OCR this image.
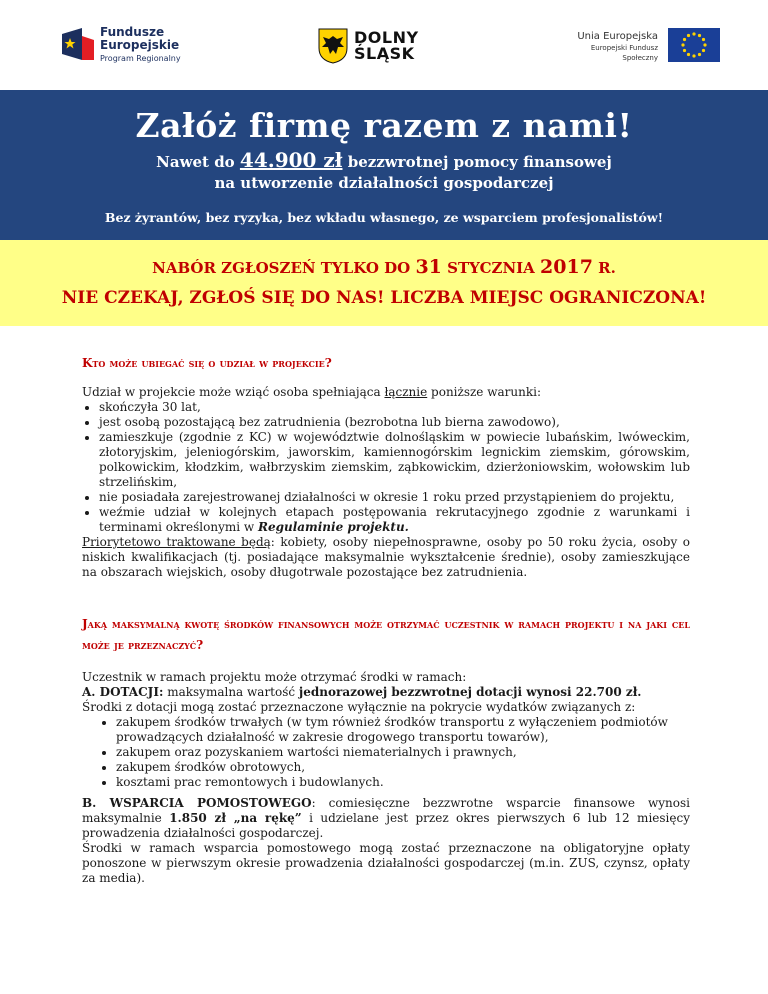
Fundusze
Europejskie
Program Regionalny
DOLNY
ŚLĄSK
Unia Europejska
Europejski Fundusz Społeczny
Załóż firmę razem z nami!
Nawet do 44.900 zł bezzwrotnej pomocy finansowej
na utworzenie działalności gospodarczej
Bez żyrantów, bez ryzyka, bez wkładu własnego, ze wsparciem profesjonalistów!
NABÓR ZGŁOSZEŃ TYLKO DO 31 STYCZNIA 2017 R.
NIE CZEKAJ, ZGŁOŚ SIĘ DO NAS! LICZBA MIEJSC OGRANICZONA!
Kto może ubiegać się o udział w projekcie?

Udział w projekcie może wziąć osoba spełniająca łącznie poniższe warunki:

• skończyła 30 lat,
• jest osobą pozostającą bez zatrudnienia (bezrobotna lub bierna zawodowo),
• zamieszkuje (zgodnie z KC) w województwie dolnośląskim w powiecie lubańskim, lwóweckim, złotoryjskim, jeleniogórskim, jaworskim, kamiennogórskim legnickim ziemskim, górowskim, polkowickim, kłodzkim, wałbrzyskim ziemskim, ząbkowickim, dzierżoniowskim, wołowskim lub strzelińskim,
• nie posiadała zarejestrowanej działalności w okresie 1 roku przed przystąpieniem do projektu,
• weźmie udział w kolejnych etapach postępowania rekrutacyjnego zgodnie z warunkami i terminami określonymi w Regulaminie projektu.

Priorytetowo traktowane będą: kobiety, osoby niepełnosprawne, osoby po 50 roku życia, osoby o niskich kwalifikacjach (tj. posiadające maksymalnie wykształcenie średnie), osoby zamieszkujące na obszarach wiejskich, osoby długotrwale pozostające bez zatrudnienia.

Jaką maksymalną kwotę środków finansowych może otrzymać uczestnik w ramach projektu i na jaki cel może je przeznaczyć?

Uczestnik w ramach projektu może otrzymać środki w ramach:

A. DOTACJI: maksymalna wartość jednorazowej bezzwrotnej dotacji wynosi 22.700 zł.

Środki z dotacji mogą zostać przeznaczone wyłącznie na pokrycie wydatków związanych z:

• zakupem środków trwałych (w tym również środków transportu z wyłączeniem podmiotów prowadzących działalność w zakresie drogowego transportu towarów),
• zakupem oraz pozyskaniem wartości niematerialnych i prawnych,
• zakupem środków obrotowych,
• kosztami prac remontowych i budowlanych.

B. WSPARCIA POMOSTOWEGO: comiesięczne bezzwrotne wsparcie finansowe wynosi maksymalnie 1.850 zł „na rękę” i udzielane jest przez okres pierwszych 6 lub 12 miesięcy prowadzenia działalności gospodarczej.

Środki w ramach wsparcia pomostowego mogą zostać przeznaczone na obligatoryjne opłaty ponoszone w pierwszym okresie prowadzenia działalności gospodarczej (m.in. ZUS, czynsz, opłaty za media).
